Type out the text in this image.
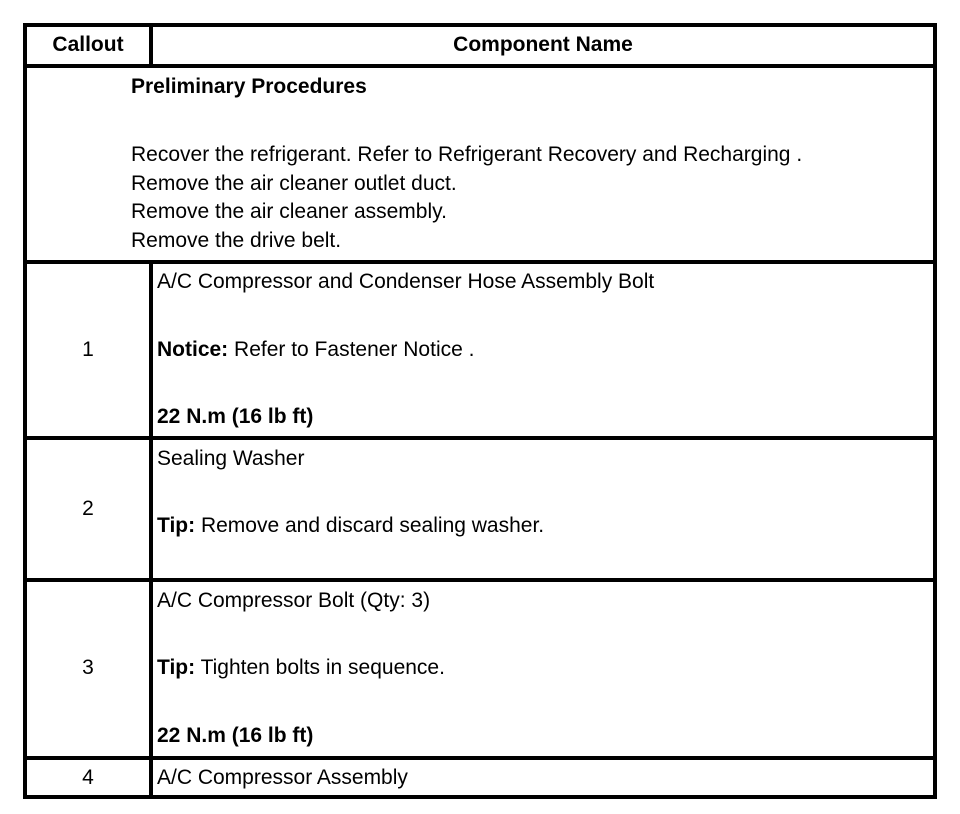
Callout	Component Name
Preliminary Procedures
Recover the refrigerant. Refer to Refrigerant Recovery and Recharging .
Remove the air cleaner outlet duct.
Remove the air cleaner assembly.
Remove the drive belt.
1
A/C Compressor and Condenser Hose Assembly Bolt
Notice: Refer to Fastener Notice .
22 N.m (16 lb ft)
2
Sealing Washer
Tip: Remove and discard sealing washer.
3
A/C Compressor Bolt (Qty: 3)
Tip: Tighten bolts in sequence.
22 N.m (16 lb ft)
4	A/C Compressor Assembly
